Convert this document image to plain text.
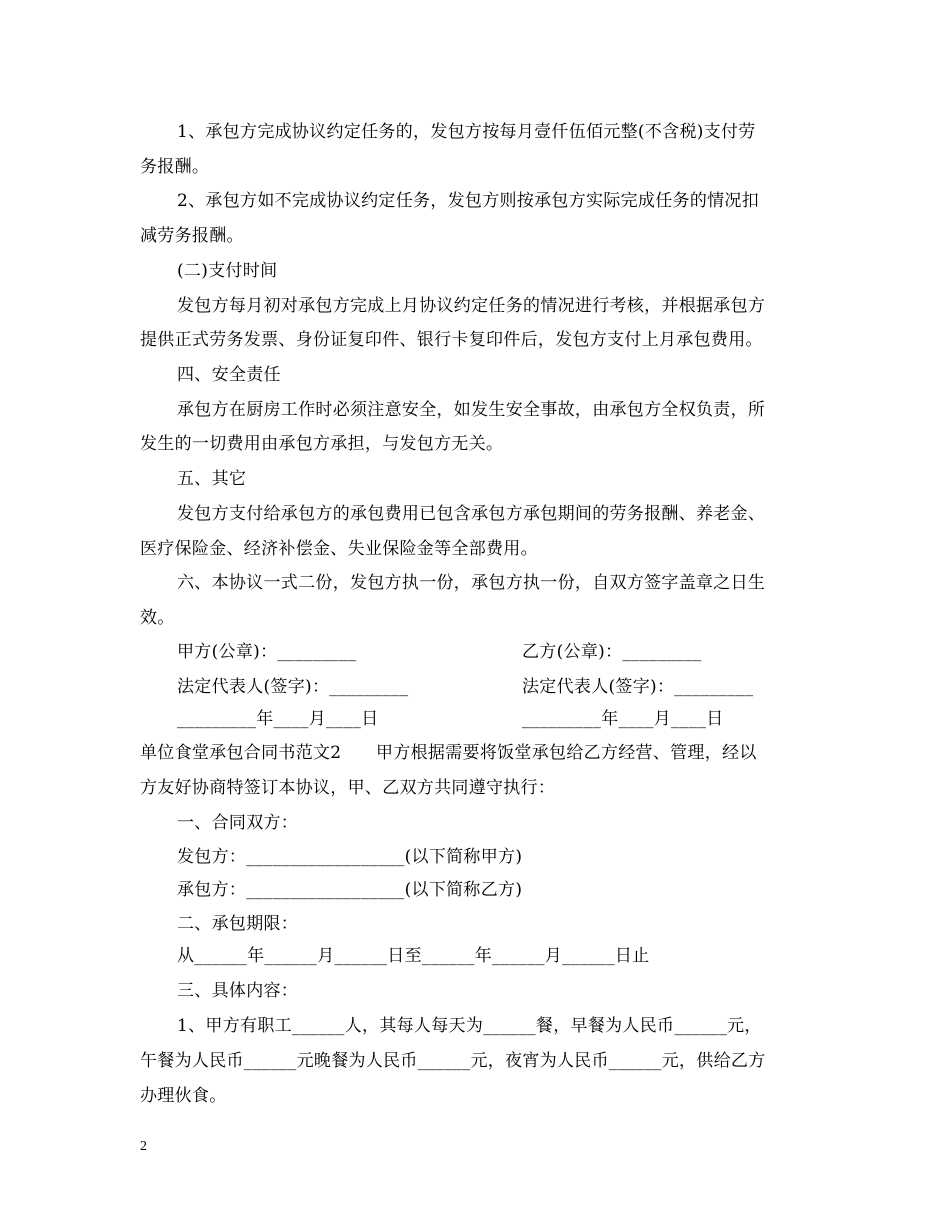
1、承包方完成协议约定任务的，发包方按每月壹仟伍佰元整(不含税)支付劳
务报酬。
2、承包方如不完成协议约定任务，发包方则按承包方实际完成任务的情况扣
减劳务报酬。
(二)支付时间
发包方每月初对承包方完成上月协议约定任务的情况进行考核，并根据承包方
提供正式劳务发票、身份证复印件、银行卡复印件后，发包方支付上月承包费用。
四、安全责任
承包方在厨房工作时必须注意安全，如发生安全事故，由承包方全权负责，所
发生的一切费用由承包方承担，与发包方无关。
五、其它
发包方支付给承包方的承包费用已包含承包方承包期间的劳务报酬、养老金、
医疗保险金、经济补偿金、失业保险金等全部费用。
六、本协议一式二份，发包方执一份，承包方执一份，自双方签字盖章之日生
效。
甲方(公章)：_________	乙方(公章)：_________
法定代表人(签字)：_________	法定代表人(签字)：_________
_________年____月____日	_________年____月____日
单位食堂承包合同书范文2　　甲方根据需要将饭堂承包给乙方经营、管理，经以
方友好协商特签订本协议，甲、乙双方共同遵守执行：
一、合同双方：
发包方：__________________(以下简称甲方)
承包方：__________________(以下简称乙方)
二、承包期限：
从______年______月______日至______年______月______日止
三、具体内容：
1、甲方有职工______人，其每人每天为______餐，早餐为人民币______元，
午餐为人民币______元晚餐为人民币______元，夜宵为人民币______元，供给乙方
办理伙食。
2
